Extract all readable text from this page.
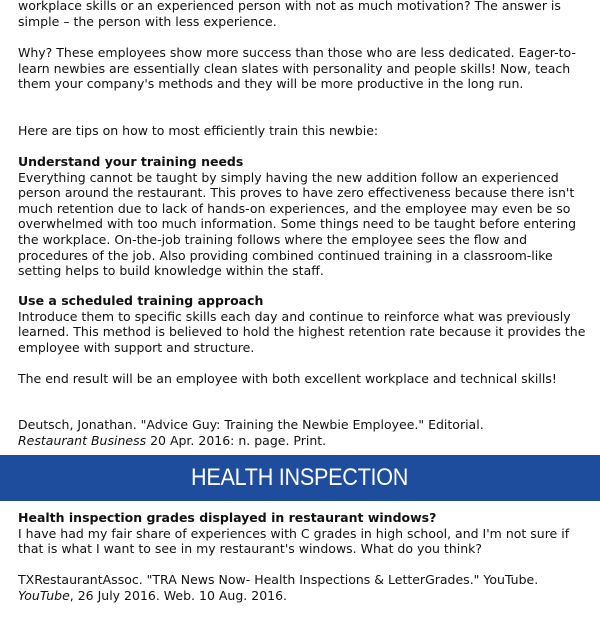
workplace skills or an experienced person with not as much motivation? The answer is simple – the person with less experience.

Why? These employees show more success than those who are less dedicated. Eager-to-learn newbies are essentially clean slates with personality and people skills! Now, teach them your company's methods and they will be more productive in the long run.

Here are tips on how to most efficiently train this newbie:

Understand your training needs

Everything cannot be taught by simply having the new addition follow an experienced person around the restaurant. This proves to have zero effectiveness because there isn't much retention due to lack of hands-on experiences, and the employee may even be so overwhelmed with too much information. Some things need to be taught before entering the workplace. On-the-job training follows where the employee sees the flow and procedures of the job. Also providing combined continued training in a classroom-like setting helps to build knowledge within the staff.

Use a scheduled training approach

Introduce them to specific skills each day and continue to reinforce what was previously learned. This method is believed to hold the highest retention rate because it provides the employee with support and structure.

The end result will be an employee with both excellent workplace and technical skills!

Deutsch, Jonathan. "Advice Guy: Training the Newbie Employee." Editorial.
Restaurant Business 20 Apr. 2016: n. page. Print.

HEALTH INSPECTION

Health inspection grades displayed in restaurant windows?

I have had my fair share of experiences with C grades in high school, and I'm not sure if that is what I want to see in my restaurant's windows. What do you think?

TXRestaurantAssoc. "TRA News Now- Health Inspections & LetterGrades." YouTube. YouTube, 26 July 2016. Web. 10 Aug. 2016.
